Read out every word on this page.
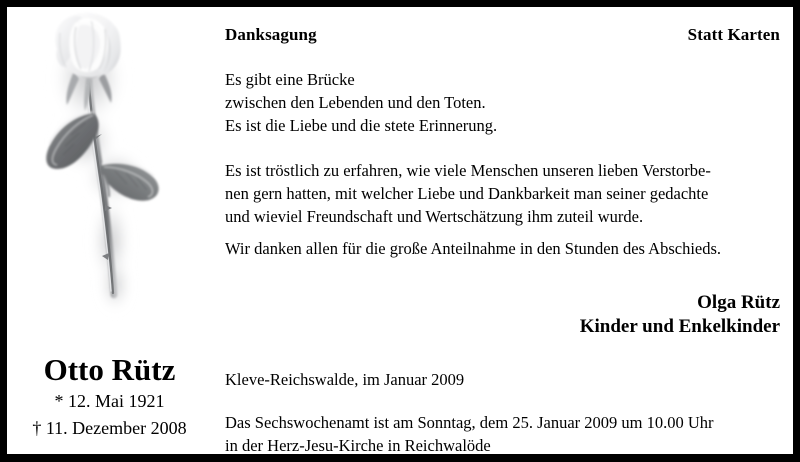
Danksagung	Statt Karten
Es gibt eine Brücke
zwischen den Lebenden und den Toten.
Es ist die Liebe und die stete Erinnerung.
Es ist tröstlich zu erfahren, wie viele Menschen unseren lieben Verstorbe-
nen gern hatten, mit welcher Liebe und Dankbarkeit man seiner gedachte
und wieviel Freundschaft und Wertschätzung ihm zuteil wurde.
Wir danken allen für die große Anteilnahme in den Stunden des Abschieds.
Olga Rütz
Kinder und Enkelkinder
Otto Rütz
* 12. Mai 1921
† 11. Dezember 2008
Kleve-Reichswalde, im Januar 2009
Das Sechswochenamt ist am Sonntag, dem 25. Januar 2009 um 10.00 Uhr
in der Herz-Jesu-Kirche in Reichwalöde
